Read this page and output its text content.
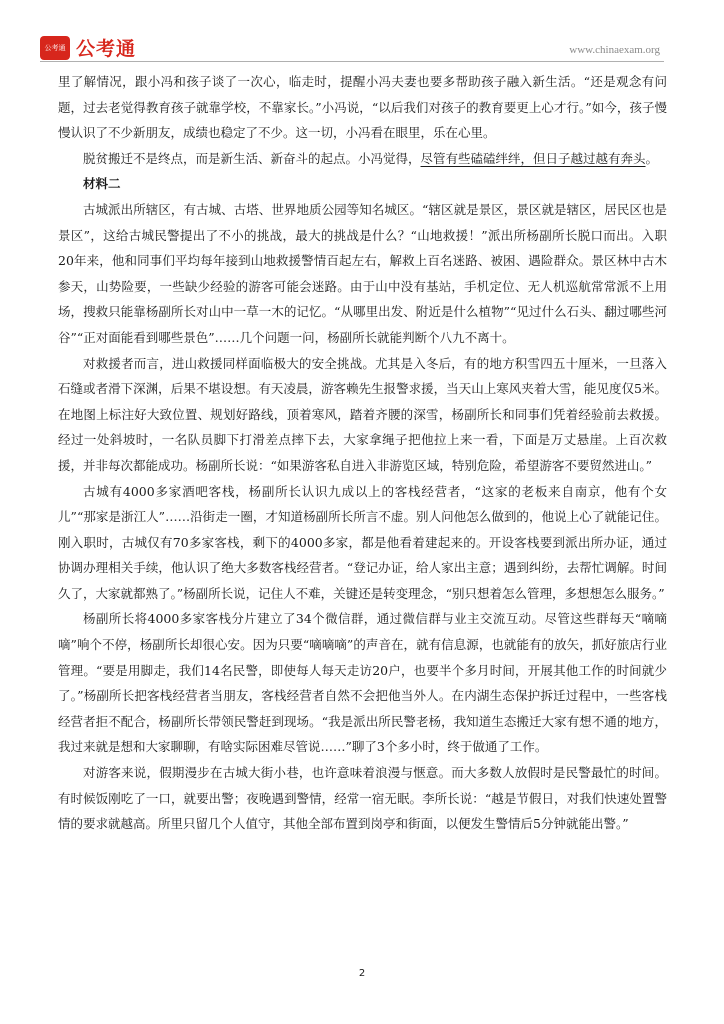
公考通 公考通	www.chinaexam.org

里了解情况，跟小冯和孩子谈了一次心，临走时，提醒小冯夫妻也要多帮助孩子融入新生活。“还是观念有问题，过去老觉得教育孩子就靠学校，不靠家长。”小冯说，“以后我们对孩子的教育要更上心才行。”如今，孩子慢慢认识了不少新朋友，成绩也稳定了不少。这一切，小冯看在眼里，乐在心里。

脱贫搬迁不是终点，而是新生活、新奋斗的起点。小冯觉得，尽管有些磕磕绊绊，但日子越过越有奔头。

材料二

古城派出所辖区，有古城、古塔、世界地质公园等知名城区。“辖区就是景区，景区就是辖区，居民区也是景区”，这给古城民警提出了不小的挑战，最大的挑战是什么？“山地救援！”派出所杨副所长脱口而出。入职20年来，他和同事们平均每年接到山地救援警情百起左右，解救上百名迷路、被困、遇险群众。景区林中古木参天，山势险要，一些缺少经验的游客可能会迷路。由于山中没有基站，手机定位、无人机巡航常常派不上用场，搜救只能靠杨副所长对山中一草一木的记忆。“从哪里出发、附近是什么植物”“见过什么石头、翻过哪些河谷”“正对面能看到哪些景色”……几个问题一问，杨副所长就能判断个八九不离十。

对救援者而言，进山救援同样面临极大的安全挑战。尤其是入冬后，有的地方积雪四五十厘米，一旦落入石缝或者滑下深渊，后果不堪设想。有天凌晨，游客赖先生报警求援，当天山上寒风夹着大雪，能见度仅5米。在地图上标注好大致位置、规划好路线，顶着寒风，踏着齐腰的深雪，杨副所长和同事们凭着经验前去救援。经过一处斜坡时，一名队员脚下打滑差点摔下去，大家拿绳子把他拉上来一看，下面是万丈悬崖。上百次救援，并非每次都能成功。杨副所长说：“如果游客私自进入非游览区域，特别危险，希望游客不要贸然进山。”

古城有4000多家酒吧客栈，杨副所长认识九成以上的客栈经营者，“这家的老板来自南京，他有个女儿”“那家是浙江人”……沿街走一圈，才知道杨副所长所言不虚。别人问他怎么做到的，他说上心了就能记住。刚入职时，古城仅有70多家客栈，剩下的4000多家，都是他看着建起来的。开设客栈要到派出所办证，通过协调办理相关手续，他认识了绝大多数客栈经营者。“登记办证，给人家出主意；遇到纠纷，去帮忙调解。时间久了，大家就都熟了。”杨副所长说，记住人不难，关键还是转变理念，“别只想着怎么管理，多想想怎么服务。”

杨副所长将4000多家客栈分片建立了34个微信群，通过微信群与业主交流互动。尽管这些群每天“嘀嘀嘀”响个不停，杨副所长却很心安。因为只要“嘀嘀嘀”的声音在，就有信息源，也就能有的放矢，抓好旅店行业管理。“要是用脚走，我们14名民警，即使每人每天走访20户，也要半个多月时间，开展其他工作的时间就少了。”杨副所长把客栈经营者当朋友，客栈经营者自然不会把他当外人。在内湖生态保护拆迁过程中，一些客栈经营者拒不配合，杨副所长带领民警赶到现场。“我是派出所民警老杨，我知道生态搬迁大家有想不通的地方，我过来就是想和大家聊聊，有啥实际困难尽管说……”聊了3个多小时，终于做通了工作。

对游客来说，假期漫步在古城大街小巷，也许意味着浪漫与惬意。而大多数人放假时是民警最忙的时间。有时候饭刚吃了一口，就要出警；夜晚遇到警情，经常一宿无眠。李所长说：“越是节假日，对我们快速处置警情的要求就越高。所里只留几个人值守，其他全部布置到岗亭和街面，以便发生警情后5分钟就能出警。”

2
